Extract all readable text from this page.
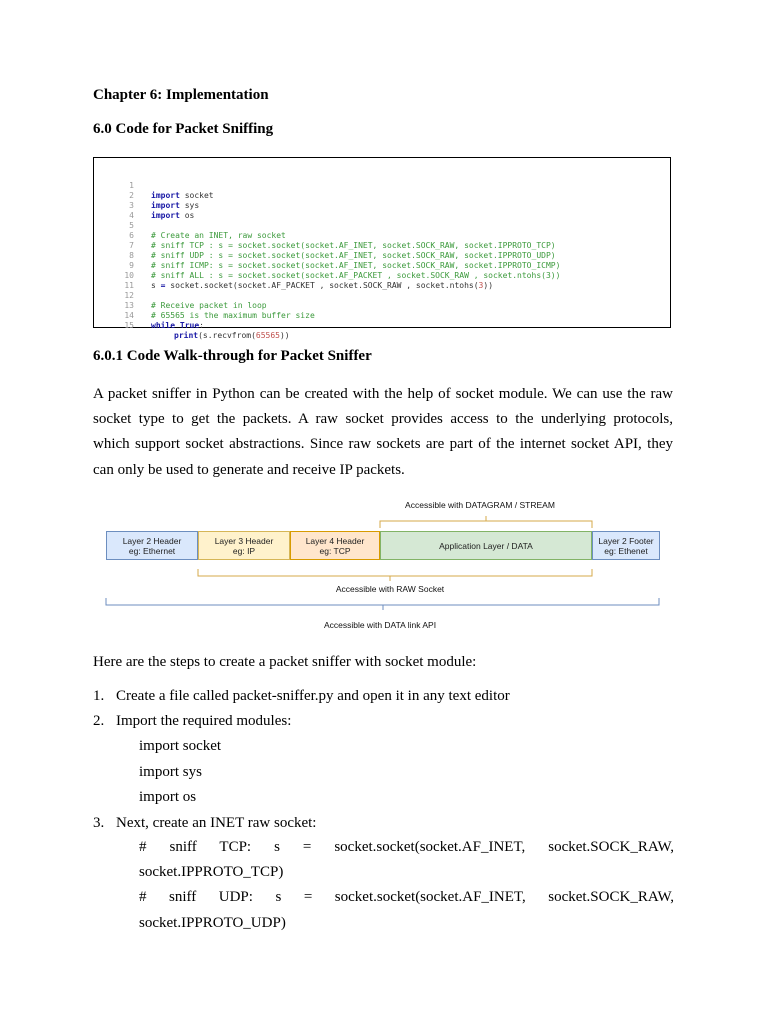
Chapter 6: Implementation
6.0 Code for Packet Sniffing

1

import socket

2

import sys

3

import os

4

5

# Create an INET, raw socket

6

# sniff TCP : s = socket.socket(socket.AF_INET, socket.SOCK_RAW, socket.IPPROTO_TCP)

7

# sniff UDP : s = socket.socket(socket.AF_INET, socket.SOCK_RAW, socket.IPPROTO_UDP)

8

# sniff ICMP: s = socket.socket(socket.AF_INET, socket.SOCK_RAW, socket.IPPROTO_ICMP)

9

# sniff ALL : s = socket.socket(socket.AF_PACKET , socket.SOCK_RAW , socket.ntohs(3))

10

s = socket.socket(socket.AF_PACKET , socket.SOCK_RAW , socket.ntohs(3))

11

12

# Receive packet in loop

13

# 65565 is the maximum buffer size

14

while True:

15

print(s.recvfrom(65565))

6.0.1 Code Walk-through for Packet Sniffer
A packet sniffer in Python can be created with the help of socket module. We can use the raw
socket type to get the packets. A raw socket provides access to the underlying protocols,
which support socket abstractions. Since raw sockets are part of the internet socket API, they
can only be used to generate and receive IP packets.
Accessible with DATAGRAM / STREAM
Layer 2 Header
eg: Ethernet
Layer 3 Header
eg: IP
Layer 4 Header
eg: TCP	Application Layer / DATA	Layer 2 Footer
eg: Ethenet
Accessible with RAW Socket
Accessible with DATA link API
Here are the steps to create a packet sniffer with socket module:
1. Create a file called packet-sniffer.py and open it in any text editor
2. Import the required modules:
import socket
import sys
import os
3. Next, create an INET raw socket:
# sniff TCP: s = socket.socket(socket.AF_INET, socket.SOCK_RAW,
socket.IPPROTO_TCP)
# sniff UDP: s = socket.socket(socket.AF_INET, socket.SOCK_RAW,
socket.IPPROTO_UDP)
